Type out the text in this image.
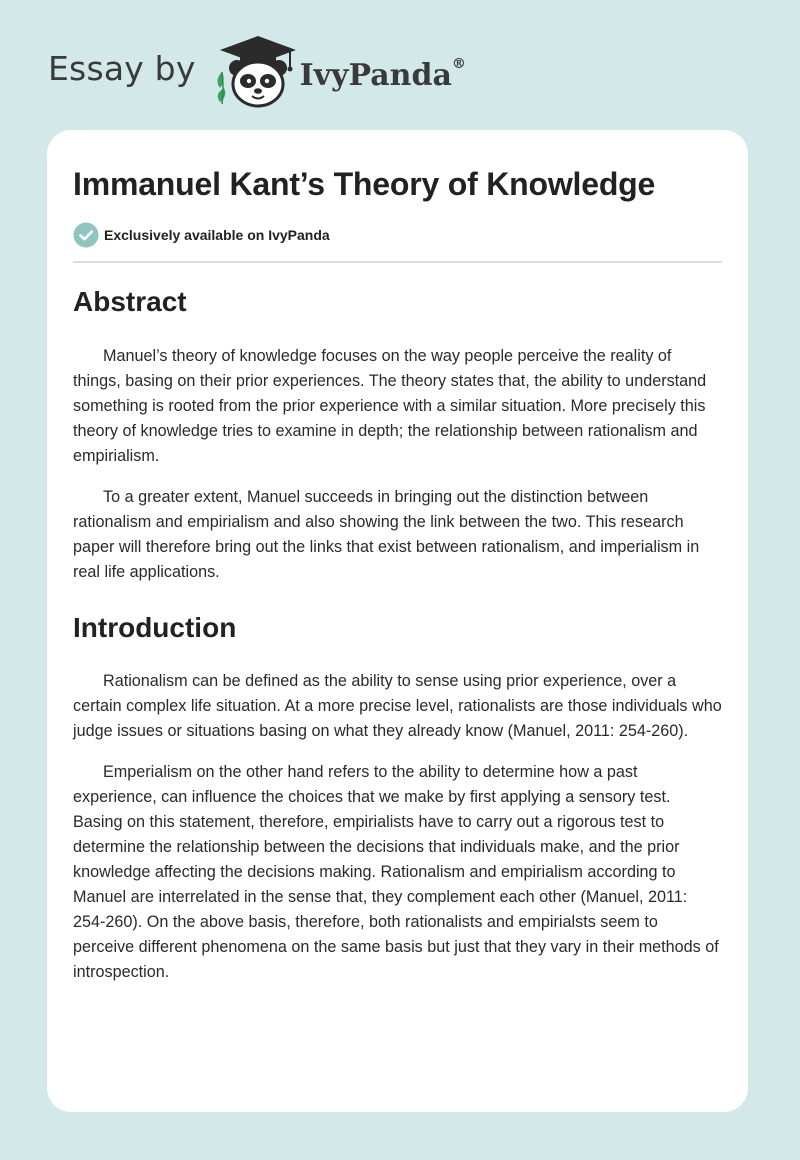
Essay by	IvyPanda®
Immanuel Kant’s Theory of Knowledge
Exclusively available on IvyPanda
Abstract

Manuel’s theory of knowledge focuses on the way people perceive the reality of things, basing on their prior experiences. The theory states that, the ability to understand something is rooted from the prior experience with a similar situation. More precisely this theory of knowledge tries to examine in depth; the relationship between rationalism and empirialism.

To a greater extent, Manuel succeeds in bringing out the distinction between rationalism and empirialism and also showing the link between the two. This research paper will therefore bring out the links that exist between rationalism, and imperialism in real life applications.

Introduction

Rationalism can be defined as the ability to sense using prior experience, over a certain complex life situation. At a more precise level, rationalists are those individuals who judge issues or situations basing on what they already know (Manuel, 2011: 254-260).

Emperialism on the other hand refers to the ability to determine how a past experience, can influence the choices that we make by first applying a sensory test. Basing on this statement, therefore, empirialists have to carry out a rigorous test to determine the relationship between the decisions that individuals make, and the prior knowledge affecting the decisions making. Rationalism and empirialism according to Manuel are interrelated in the sense that, they complement each other (Manuel, 2011: 254-260). On the above basis, therefore, both rationalists and empirialsts seem to perceive different phenomena on the same basis but just that they vary in their methods of introspection.
